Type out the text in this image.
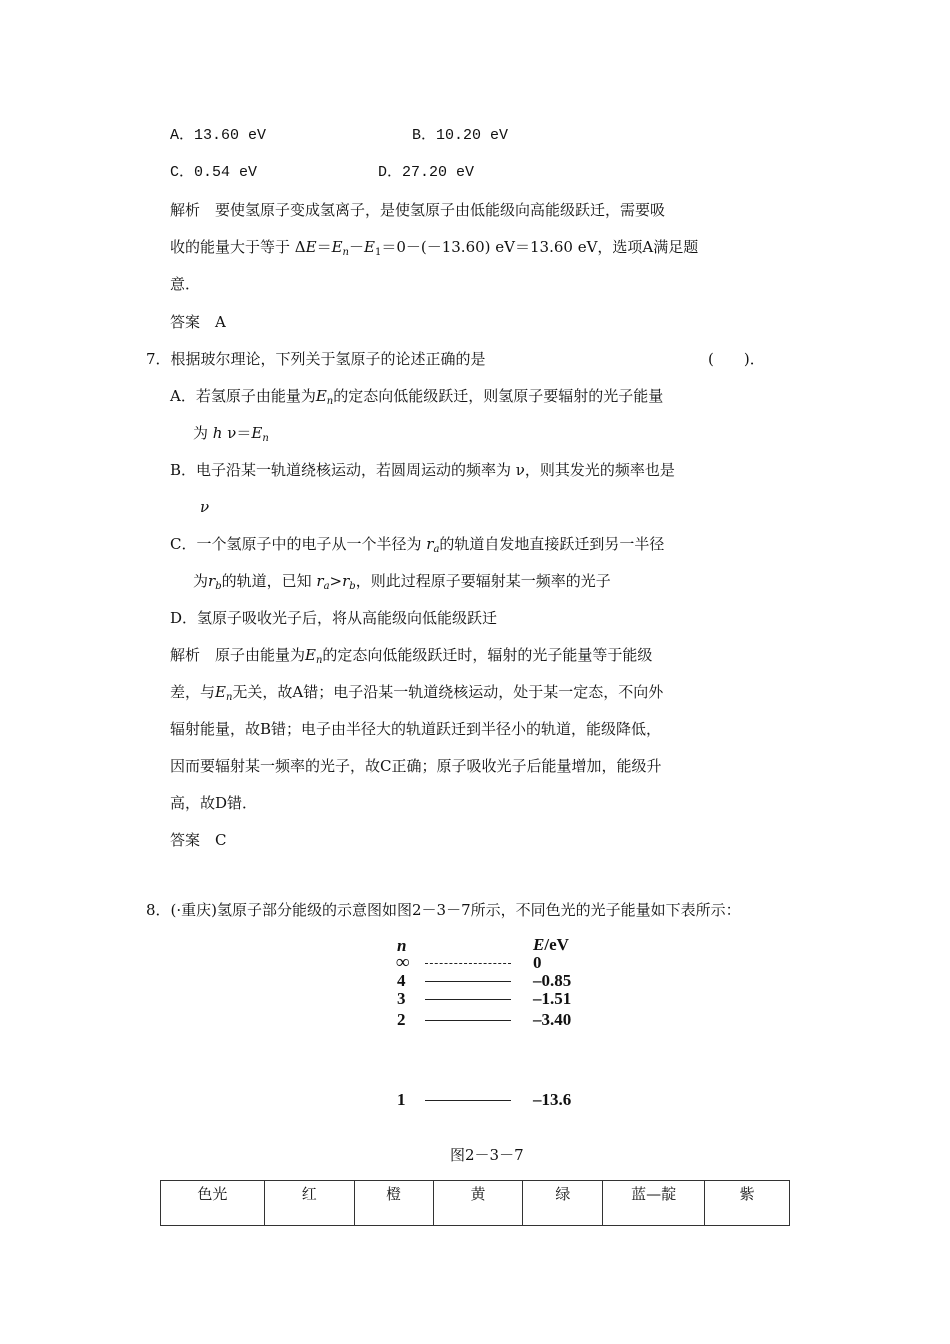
A．13.60 eV	B．10.20 eV
C．0.54 eV	D．27.20 eV
解析　要使氢原子变成氢离子，是使氢原子由低能级向高能级跃迁，需要吸
收的能量大于等于 $\Delta E=E_n-E_1=0-(-13.60)$ eV＝13.60 eV，选项A满足题
意．
答案　A
7．根据玻尔理论，下列关于氢原子的论述正确的是	(　　)．
A．若氢原子由能量为$E_n$的定态向低能级跃迁，则氢原子要辐射的光子能量
为 h $\nu=E_n$
B．电子沿某一轨道绕核运动，若圆周运动的频率为 ν，则其发光的频率也是
ν
C．一个氢原子中的电子从一个半径为 $r_a$的轨道自发地直接跃迁到另一半径
为$r_b$的轨道，已知 $r_a>r_b$，则此过程原子要辐射某一频率的光子
D．氢原子吸收光子后，将从高能级向低能级跃迁
解析　原子由能量为$E_n$的定态向低能级跃迁时，辐射的光子能量等于能级
差，与$E_n$无关，故A错；电子沿某一轨道绕核运动，处于某一定态，不向外
辐射能量，故B错；电子由半径大的轨道跃迁到半径小的轨道，能级降低，
因而要辐射某一频率的光子，故C正确；原子吸收光子后能量增加，能级升
高，故D错．
答案　C
8．(·重庆)氢原子部分能级的示意图如图2－3－7所示，不同色光的光子能量如下表所示：
n	E/eV
∞	0
4	–0.85
3	–1.51
2	–3.40
1	–13.6
图2－3－7
色光	红	橙	黄	绿	蓝—靛	紫
